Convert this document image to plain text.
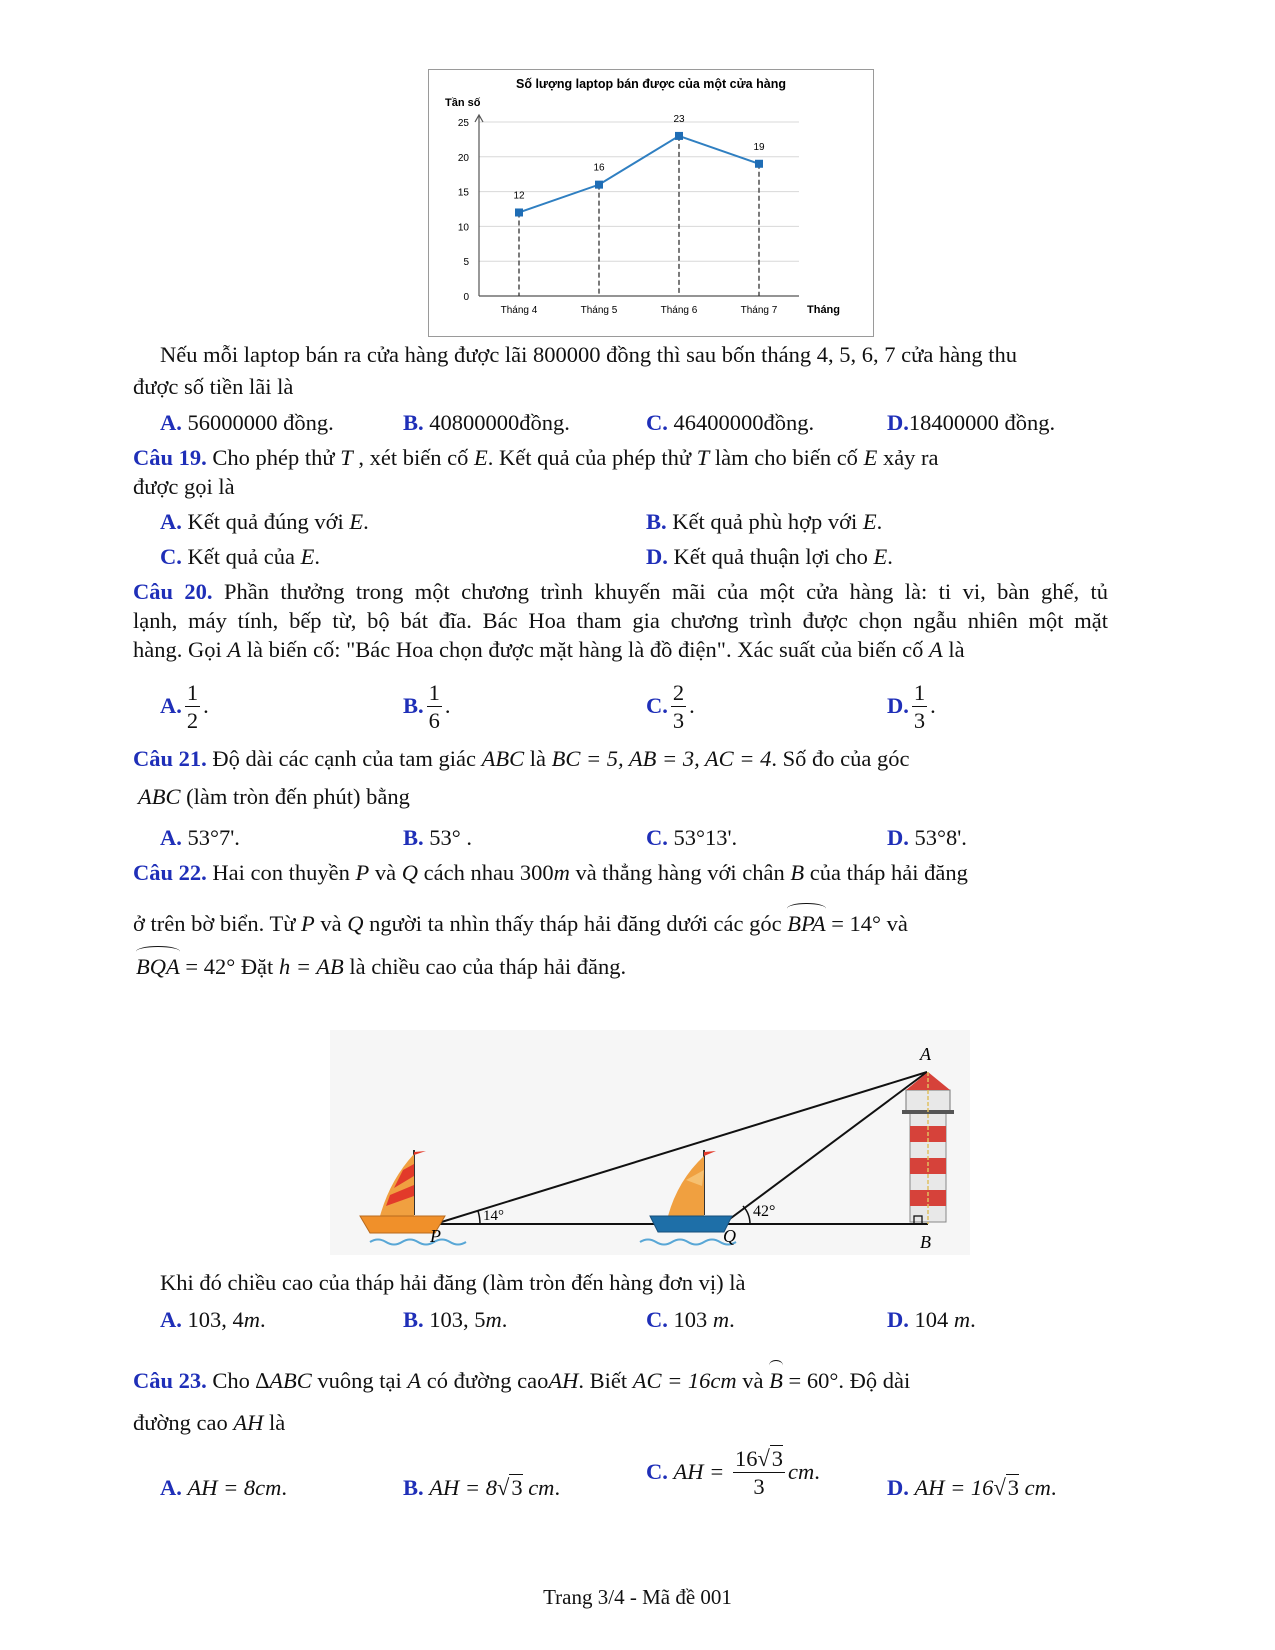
Số lượng laptop bán được của một cửa hàng
Tần số
Tháng
0
5
10
15
20
25
Tháng 4	Tháng 5	Tháng 6	Tháng 7
12
16
23
19
Nếu mỗi laptop bán ra cửa hàng được lãi 800000 đồng thì sau bốn tháng 4, 5, 6, 7 cửa hàng thu
được số tiền lãi là
A. 56000000 đồng.	B. 40800000đồng.	C. 46400000đồng.	D.18400000 đồng.
Câu 19. Cho phép thử T , xét biến cố E. Kết quả của phép thử T làm cho biến cố E xảy ra
được gọi là
A. Kết quả đúng với E.	B. Kết quả phù hợp với E.
C. Kết quả của E.	D. Kết quả thuận lợi cho E.
Câu 20. Phần thưởng trong một chương trình khuyến mãi của một cửa hàng là: ti vi, bàn ghế, tủ
lạnh, máy tính, bếp từ, bộ bát đĩa. Bác Hoa tham gia chương trình được chọn ngẫu nhiên một mặt
hàng. Gọi A là biến cố: "Bác Hoa chọn được mặt hàng là đồ điện". Xác suất của biến cố A là
A. $\frac{1}{2}$ .	B. $\frac{1}{6}$ .	C. $\frac{2}{3}$ .	D. $\frac{1}{3}$ .
Câu 21. Độ dài các cạnh của tam giác ABC là BC = 5, AB = 3, AC = 4. Số đo của góc
ABC (làm tròn đến phút) bằng
A. 53°7'.	B. 53° .	C. 53°13'.	D. 53°8'.
Câu 22. Hai con thuyền P và Q cách nhau 300m và thẳng hàng với chân B của tháp hải đăng
ở trên bờ biển. Từ P và Q người ta nhìn thấy tháp hải đăng dưới các góc BPA = 14° và
BQA = 42° Đặt h = AB là chiều cao của tháp hải đăng.
14°	42°
A
B
P	Q
Khi đó chiều cao của tháp hải đăng (làm tròn đến hàng đơn vị) là
A. 103, 4m.	B. 103, 5m.	C. 103 m.	D. 104 m.
Câu 23. Cho ∆ABC vuông tại A có đường caoAH. Biết AC = 16cm và B = 60°. Độ dài
đường cao AH là
A. AH = 8cm.	B. AH = 8√3 cm.
C. AH = $\frac{16√3}{3}$ cm.
D. AH = 16√3 cm.
Trang 3/4 - Mã đề 001
